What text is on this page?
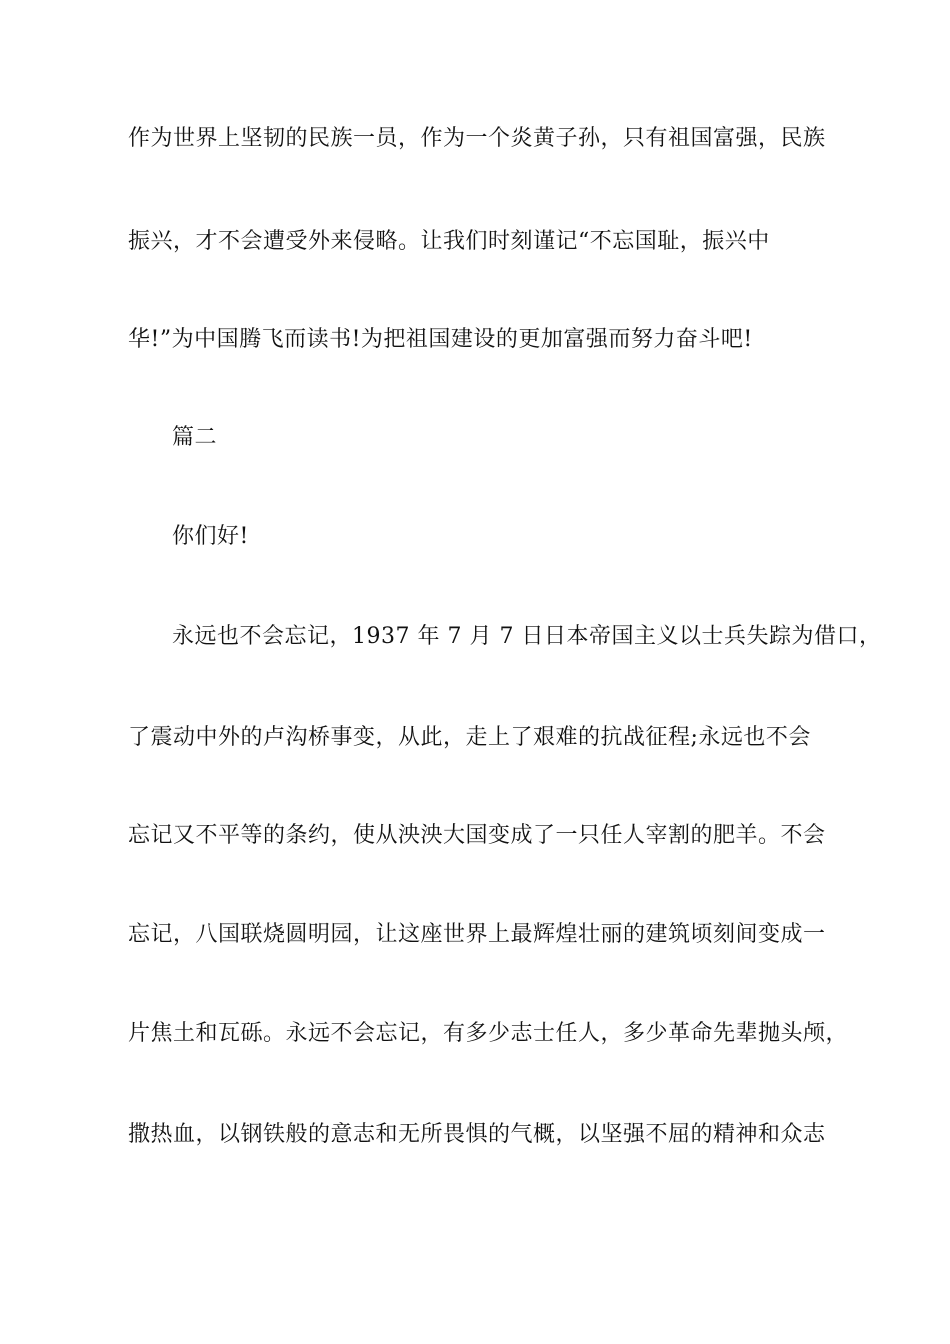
作为世界上坚韧的民族一员，作为一个炎黄子孙，只有祖国富强，民族
振兴，才不会遭受外来侵略。让我们时刻谨记“不忘国耻，振兴中
华!”为中国腾飞而读书!为把祖国建设的更加富强而努力奋斗吧!
篇二
你们好!
永远也不会忘记，1937 年 7 月 7 日日本帝国主义以士兵失踪为借口，
了震动中外的卢沟桥事变，从此，走上了艰难的抗战征程;永远也不会
忘记又不平等的条约，使从泱泱大国变成了一只任人宰割的肥羊。不会
忘记，八国联烧圆明园，让这座世界上最辉煌壮丽的建筑顷刻间变成一
片焦土和瓦砾。永远不会忘记，有多少志士任人，多少革命先辈抛头颅，
撒热血，以钢铁般的意志和无所畏惧的气概，以坚强不屈的精神和众志
